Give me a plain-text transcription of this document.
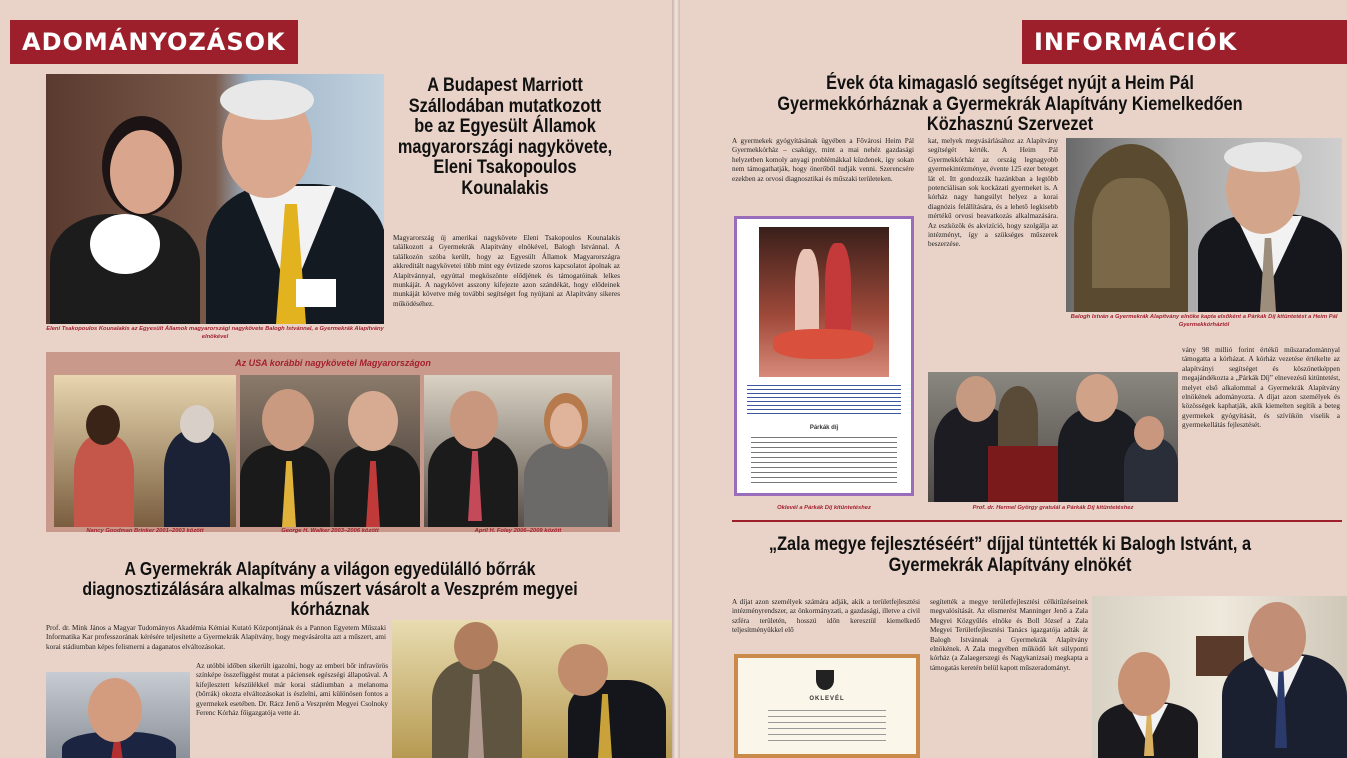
ADOMÁNYOZÁSOK
Eleni Tsakopoulos Kounalakis az Egyesült Államok magyarországi nagykövete Balogh Istvánnal, a Gyermekrák Alapítvány elnökével
A Budapest Marriott Szállodában mutatkozott be az Egyesült Államok magyarországi nagykövete, Eleni Tsakopoulos Kounalakis
Magyarország új amerikai nagykövete Eleni Tsakopoulos Kounalakis találkozott a Gyermekrák Alapítvány elnökével, Balogh Istvánnal. A találkozón szóba került, hogy az Egyesült Államok Magyarországra akkreditált nagykövetei több mint egy évtizede szoros kapcsolatot ápolnak az Alapítvánnyal, egyúttal megköszönte elődjének és támogatóinak lelkes munkáját. A nagykövet asszony kifejezte azon szándékát, hogy elődeinek munkáját követve még további segítséget fog nyújtani az Alapítvány sikeres működéséhez.
Az USA korábbi nagykövetei Magyarországon
Nancy Goodman Brinker 2001–2003 között	George H. Walker 2003–2006 között	April H. Foley 2006–2009 között
A Gyermekrák Alapítvány a világon egyedülálló bőrrák diagnosztizálására alkalmas műszert vásárolt a Veszprém megyei kórháznak
Prof. dr. Mink János a Magyar Tudományos Akadémia Kémiai Kutató Központjának és a Pannon Egyetem Műszaki Informatika Kar professzorának kérésére teljesítette a Gyermekrák Alapítvány, hogy megvásárolta azt a műszert, ami korai stádiumban képes felismerni a daganatos elváltozásokat.
Az utóbbi időben sikerült igazolni, hogy az emberi bőr infravörös színképe összefüggést mutat a páciensek egészségi állapotával. A kifejlesztett készülékkel már korai stádiumban a melanoma (bőrrák) okozta elváltozásokat is észlelni, ami különösen fontos a gyermekek esetében. Dr. Rácz Jenő a Veszprém Megyei Csolnoky Ferenc Kórház főigazgatója vette át.
INFORMÁCIÓK
Évek óta kimagasló segítséget nyújt a Heim Pál Gyermekkórháznak a Gyermekrák Alapítvány Kiemelkedően Közhasznú Szervezet
A gyermekek gyógyításának ügyében a Fővárosi Heim Pál Gyermekkórház – csakúgy, mint a mai nehéz gazdasági helyzetben komoly anyagi problémákkal küzdenek, így sokan nem támogathatják, hogy önerőből tudják venni. Szerencsére ezekben az orvosi diagnosztikai és műszaki területeken.
Párkák díj
Oklevél a Párkák Díj kitüntetéshez
kat, melyek megvásárlásához az Alapítvány segítségét kérték. A Heim Pál Gyermekkórház az ország legnagyobb gyermekintézménye, évente 125 ezer beteget lát el. Itt gondozzák hazánkban a legtöbb potenciálisan sok kockázati gyermeket is. A kórház nagy hangsúlyt helyez a korai diagnózis felállítására, és a lehető legkisebb mértékű orvosi beavatkozás alkalmazására. Az eszközök és akvizíció, hogy szolgálja az intézményt, így a szükséges műszerek beszerzése.
Balogh István a Gyermekrák Alapítvány elnöke kapta elsőként a Párkák Díj kitüntetést a Heim Pál Gyermekkórháztól
Prof. dr. Hermel György gratulál a Párkák Díj kitüntetéshez
vány 98 millió forint értékű műszaradománnyal támogatta a kórházat. A kórház vezetése értékelte az alapítványi segítséget és köszönetképpen megajándékozta a „Párkák Díj” elnevezésű kitüntetést, melyet első alkalommal a Gyermekrák Alapítvány elnökének adományozta. A díjat azon személyek és közösségek kaphatják, akik kiemelten segítik a beteg gyermekek gyógyítását, és szívükön viselik a gyermekellátás fejlesztését.
„Zala megye fejlesztéséért” díjjal tüntették ki Balogh Istvánt, a Gyermekrák Alapítvány elnökét
A díjat azon személyek számára adják, akik a területfejlesztési intézményrendszer, az önkormányzati, a gazdasági, illetve a civil szféra területén, hosszú időn keresztül kiemelkedő teljesítményükkel elő
OKLEVÉL
segítették a megye területfejlesztési célkitűzéseinek megvalósítását. Az elismerést Manninger Jenő a Zala Megyei Közgyűlés elnöke és Boll József a Zala Megyei Területfejlesztési Tanács igazgatója adták át Balogh Istvánnak a Gyermekrák Alapítvány elnökének. A Zala megyében működő két súlyponti kórház (a Zalaegerszegi és Nagykanizsai) megkapta a támogatás keretén belül kapott műszeradományt.
